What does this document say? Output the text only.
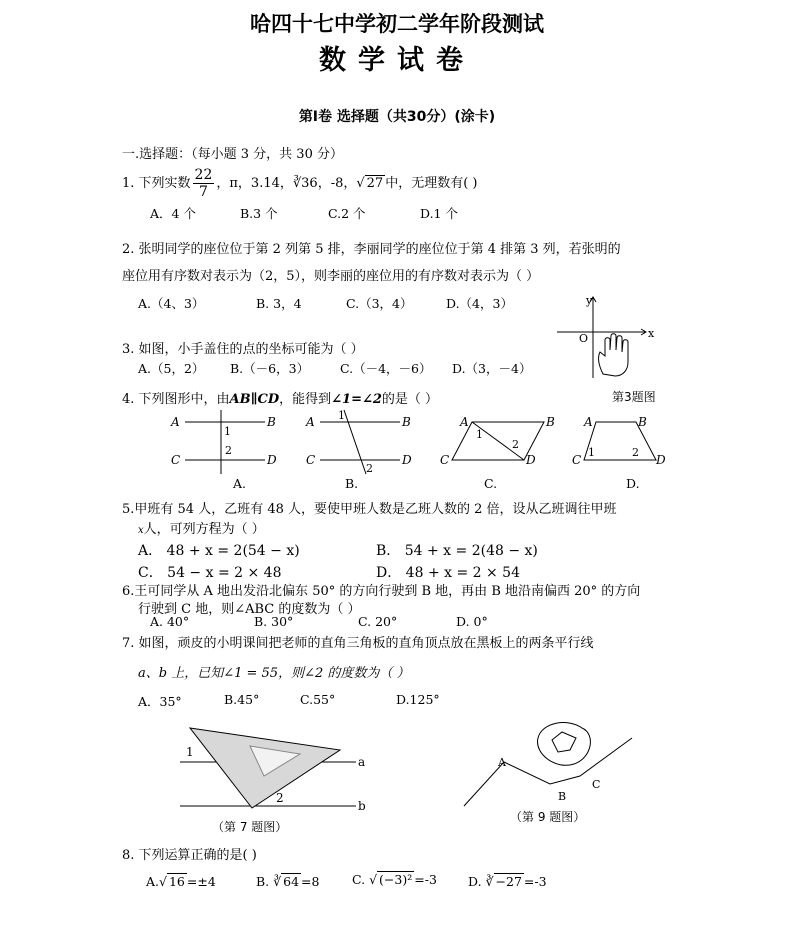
哈四十七中学初二学年阶段测试
数学试卷
第Ⅰ卷 选择题（共30分）(涂卡)
一.选择题：（每小题 3 分，共 30 分）
1. 下列实数 $\frac{22}{7}$ ，π，3.14，∛36，-8，√ 27 中，无理数有( )
A．4 个	B.3 个	C.2 个	D.1 个
2. 张明同学的座位位于第 2 列第 5 排，李丽同学的座位位于第 4 排第 3 列，若张明的
座位用有序数对表示为（2，5），则李丽的座位用的有序数对表示为（ ）
A.（4、3）	B. 3，4	C.（3，4）	D.（4，3）	y
O	x
3. 如图，小手盖住的点的坐标可能为（ ）
A.（5，2） B.（－6，3） C.（－4，－6） D.（3，－4）
第3题图
4. 下列图形中，由AB∥CD，能得到∠1=∠2的是（ ）
A	B
C	D
1
2
A	B
C	D
1
2
A	B
C	D
1
2
A	B
C	D
1	2
A.	B.	C.	D.
5.甲班有 54 人，乙班有 48 人，要使甲班人数是乙班人数的 2 倍，设从乙班调往甲班
x人，可列方程为（ ）
A． 48 + x = 2(54 − x)	B． 54 + x = 2(48 − x)
C． 54 − x = 2 × 48	D． 48 + x = 2 × 54
6.王可同学从 A 地出发沿北偏东 50° 的方向行驶到 B 地，再由 B 地沿南偏西 20° 的方向
行驶到 C 地，则∠ABC 的度数为（ ）
A. 40°	B. 30°	C. 20°	D. 0°
7. 如图，顽皮的小明课间把老师的直角三角板的直角顶点放在黑板上的两条平行线
a、b 上，已知∠1 = 55，则∠2 的度数为（ ）
A．35°	B.45°	C.55°	D.125°
1
2
a
b
（第 7 题图）
A
B
C
（第 9 题图）
8. 下列运算正确的是( )
A.√ 16 =±4	B. ∛ 64 =8	C. √ (−3)² =-3 D. ∛ −27 =-3
